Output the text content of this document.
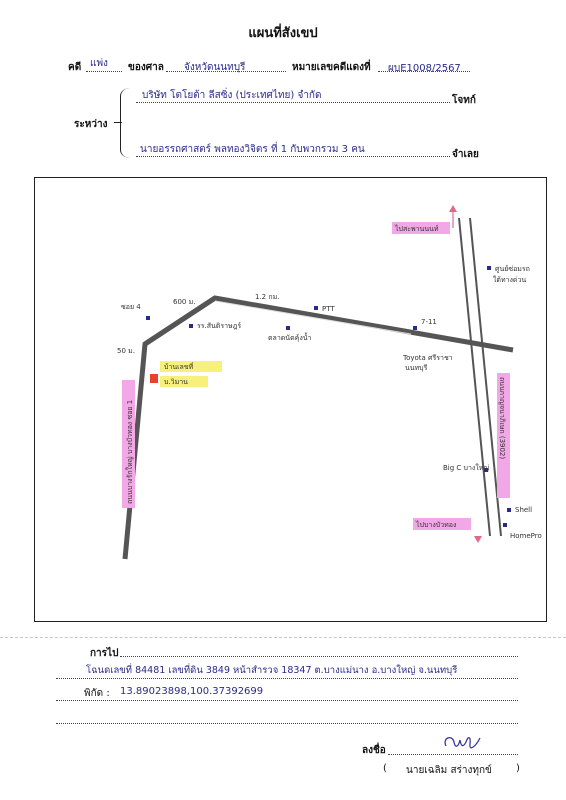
แผนที่สังเขป
คดี แพ่ง ของศาล จังหวัดนนทบุรี	หมายเลขคดีแดงที่ ผบE1008/2567
ระหว่าง
บริษัท โตโยต้า ลีสซิ่ง (ประเทศไทย) จำกัด	โจทก์
นายอรรถศาสตร์ พลทองวิจิตร ที่ 1 กับพวกรวม 3 คน	จำเลย
ไปสะพานนนท์
ไปบางบัวทอง
ถนนบางรักใหญ่ บางบัวทอง ซอย 1	ถนนกาญจนาภิเษก (3902)
บ้านเลขที่
บ.วิมาน
ซอย 4
600 ม.
1.2 กม.
50 ม.
รร.สันติราษฎร์
ตลาดนัดคุ้งน้ำ
PTT
7-11
Toyota ศรีราชา
นนทบุรี
ศูนย์ซ่อมรถ
ใต้ทางด่วน
Big C บางใหญ่
Shell
HomePro
การไป
โฉนดเลขที่ 84481 เลขที่ดิน 3849 หน้าสำรวจ 18347 ต.บางแม่นาง อ.บางใหญ่ จ.นนทบุรี
พิกัด : 13.89023898,100.37392699
ลงชื่อ
( นายเฉลิม สร่างทุกข์ )
